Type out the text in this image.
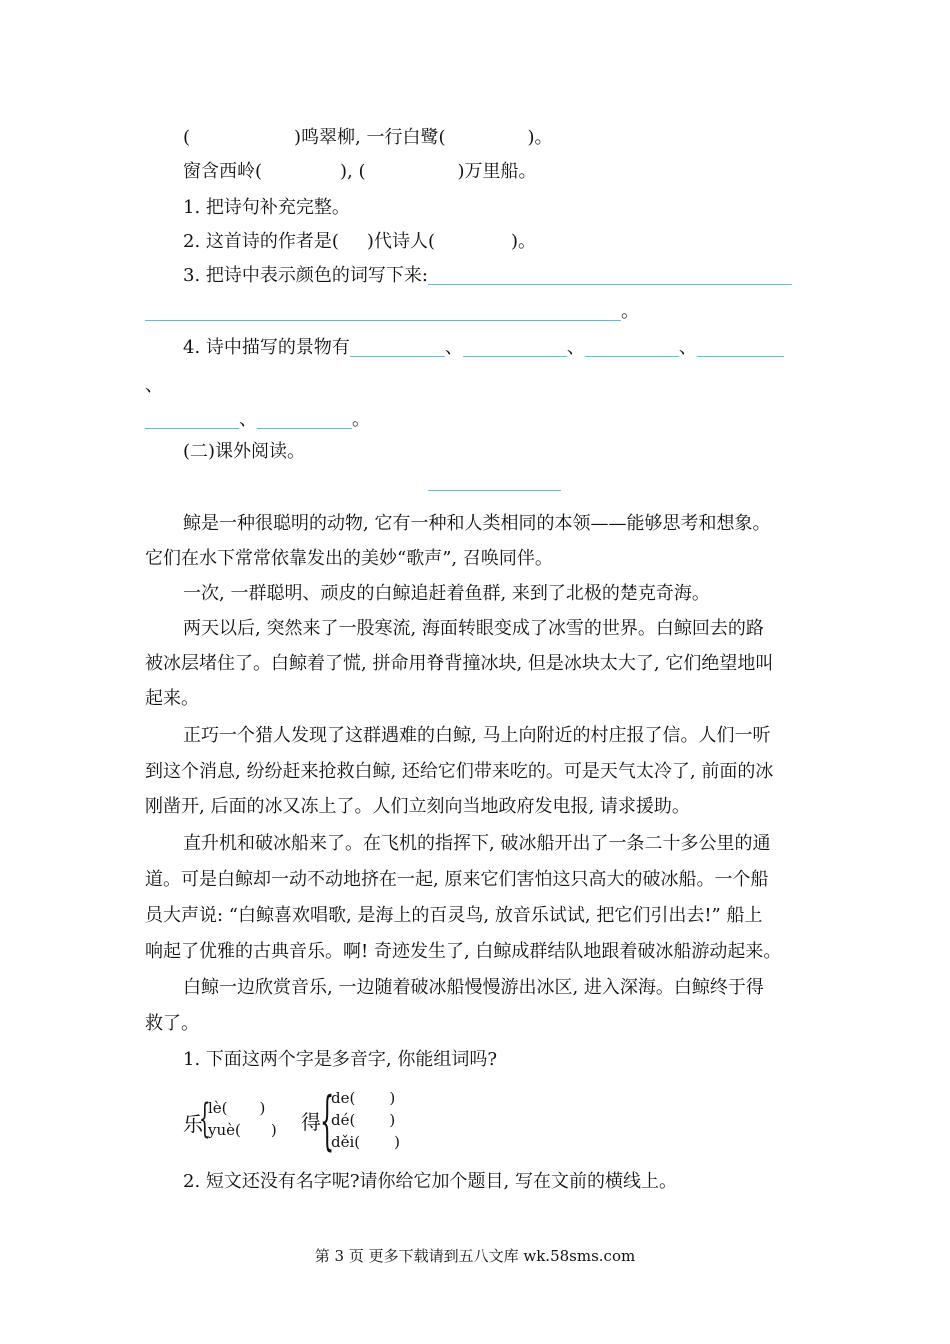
(	)鸣翠柳, 一行白鹭(	)。
窗含西岭(	), (	)万里船。
1. 把诗句补充完整。
2. 这首诗的作者是( )代诗人(	)。
3. 把诗中表示颜色的词写下来:
。
4. 诗中描写的景物有	、	、	、
、
、	。
(二)课外阅读。
鲸是一种很聪明的动物, 它有一种和人类相同的本领——能够思考和想象。
它们在水下常常依靠发出的美妙“歌声”, 召唤同伴。
一次, 一群聪明、顽皮的白鲸追赶着鱼群, 来到了北极的楚克奇海。
两天以后, 突然来了一股寒流, 海面转眼变成了冰雪的世界。白鲸回去的路
被冰层堵住了。白鲸着了慌, 拼命用脊背撞冰块, 但是冰块太大了, 它们绝望地叫
起来。
正巧一个猎人发现了这群遇难的白鲸, 马上向附近的村庄报了信。人们一听
到这个消息, 纷纷赶来抢救白鲸, 还给它们带来吃的。可是天气太冷了, 前面的冰
刚凿开, 后面的冰又冻上了。人们立刻向当地政府发电报, 请求援助。
直升机和破冰船来了。在飞机的指挥下, 破冰船开出了一条二十多公里的通
道。可是白鲸却一动不动地挤在一起, 原来它们害怕这只高大的破冰船。一个船
员大声说: “白鲸喜欢唱歌, 是海上的百灵鸟, 放音乐试试, 把它们引出去!” 船上
响起了优雅的古典音乐。啊! 奇迹发生了, 白鲸成群结队地跟着破冰船游动起来。
白鲸一边欣赏音乐, 一边随着破冰船慢慢游出冰区, 进入深海。白鲸终于得
救了。
1. 下面这两个字是多音字, 你能组词吗?
乐
{
lè( )
yuè( ) 得 {
de( )
dé( )
děi( )
2. 短文还没有名字呢?请你给它加个题目, 写在文前的横线上。
第 3 页 更多下载请到五八文库 wk.58sms.com
